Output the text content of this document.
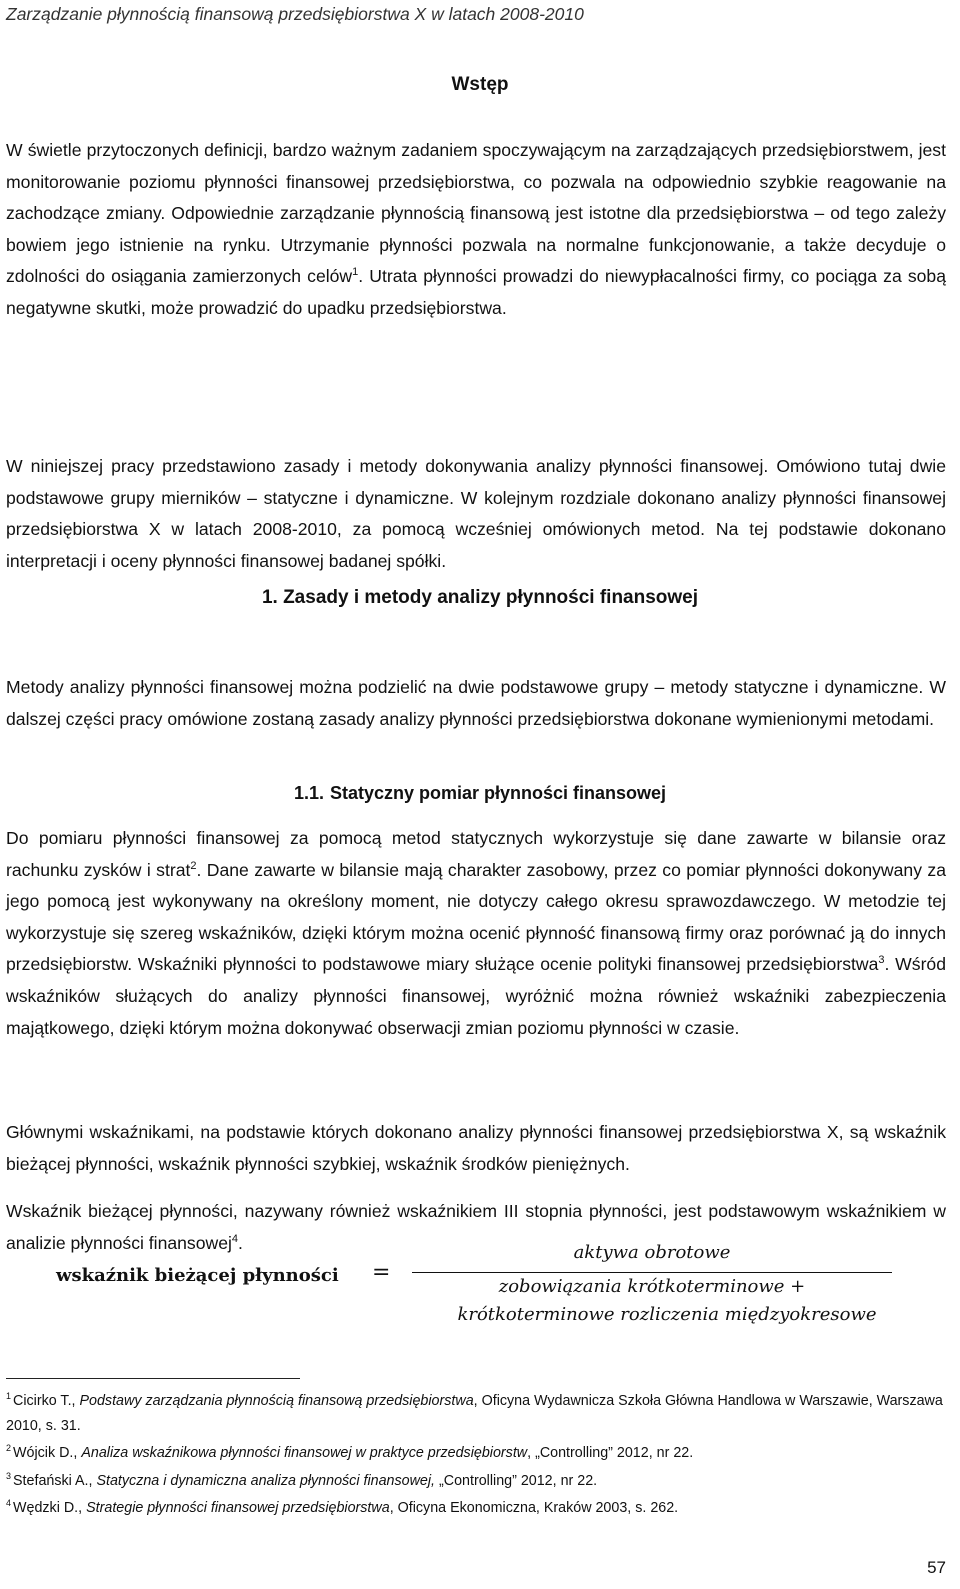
Zarządzanie płynnością finansową przedsiębiorstwa X w latach 2008-2010
Wstęp

W świetle przytoczonych definicji, bardzo ważnym zadaniem spoczywającym na zarządzających przedsiębiorstwem, jest monitorowanie poziomu płynności finansowej przedsiębiorstwa, co pozwala na odpowiednio szybkie reagowanie na zachodzące zmiany. Odpowiednie zarządzanie płynnością finansową jest istotne dla przedsiębiorstwa – od tego zależy bowiem jego istnienie na rynku. Utrzymanie płynności pozwala na normalne funkcjonowanie, a także decyduje o zdolności do osiągania zamierzonych celów$^1$. Utrata płynności prowadzi do niewypłacalności firmy, co pociąga za sobą negatywne skutki, może prowadzić do upadku przedsiębiorstwa.

W niniejszej pracy przedstawiono zasady i metody dokonywania analizy płynności finansowej. Omówiono tutaj dwie podstawowe grupy mierników – statyczne i dynamiczne. W kolejnym rozdziale dokonano analizy płynności finansowej przedsiębiorstwa X w latach 2008-2010, za pomocą wcześniej omówionych metod. Na tej podstawie dokonano interpretacji i oceny płynności finansowej badanej spółki.

1. Zasady i metody analizy płynności finansowej

Metody analizy płynności finansowej można podzielić na dwie podstawowe grupy – metody statyczne i dynamiczne. W dalszej części pracy omówione zostaną zasady analizy płynności przedsiębiorstwa dokonane wymienionymi metodami.

1.1. Statyczny pomiar płynności finansowej

Do pomiaru płynności finansowej za pomocą metod statycznych wykorzystuje się dane zawarte w bilansie oraz rachunku zysków i strat$^2$. Dane zawarte w bilansie mają charakter zasobowy, przez co pomiar płynności dokonywany za jego pomocą jest wykonywany na określony moment, nie dotyczy całego okresu sprawozdawczego. W metodzie tej wykorzystuje się szereg wskaźników, dzięki którym można ocenić płynność finansową firmy oraz porównać ją do innych przedsiębiorstw. Wskaźniki płynności to podstawowe miary służące ocenie polityki finansowej przedsiębiorstwa$^3$. Wśród wskaźników służących do analizy płynności finansowej, wyróżnić można również wskaźniki zabezpieczenia majątkowego, dzięki którym można dokonywać obserwacji zmian poziomu płynności w czasie.

Głównymi wskaźnikami, na podstawie których dokonano analizy płynności finansowej przedsiębiorstwa X, są wskaźnik bieżącej płynności, wskaźnik płynności szybkiej, wskaźnik środków pieniężnych.

Wskaźnik bieżącej płynności, nazywany również wskaźnikiem III stopnia płynności, jest podstawowym wskaźnikiem w analizie płynności finansowej$^4$.

wskaźnik bieżącej płynności =
aktywa obrotowe
zobowiązania krótkoterminowe +
krótkoterminowe rozliczenia międzyokresowe

$^1$ Cicirko T., Podstawy zarządzania płynnością finansową przedsiębiorstwa, Oficyna Wydawnicza Szkoła Główna Handlowa w Warszawie, Warszawa 2010, s. 31.

$^2$ Wójcik D., Analiza wskaźnikowa płynności finansowej w praktyce przedsiębiorstw, „Controlling” 2012, nr 22.

$^3$ Stefański A., Statyczna i dynamiczna analiza płynności finansowej, „Controlling” 2012, nr 22.

$^4$ Wędzki D., Strategie płynności finansowej przedsiębiorstwa, Oficyna Ekonomiczna, Kraków 2003, s. 262.

57
